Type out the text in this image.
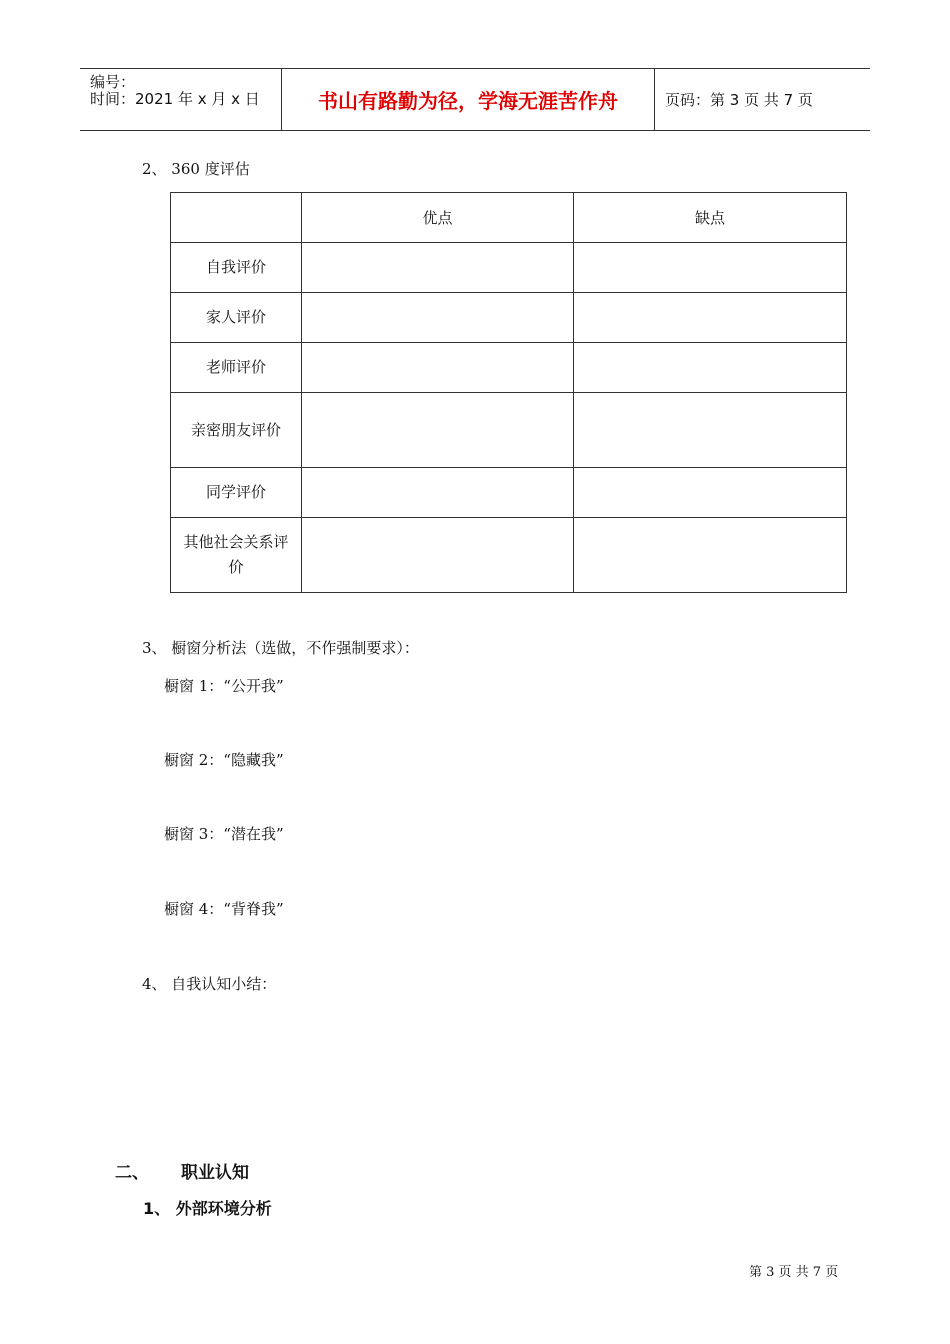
编号：
时间：2021 年 x 月 x 日	书山有路勤为径，学海无涯苦作舟	页码：第 3 页 共 7 页
2、 360 度评估
	优点	缺点
自我评价		
家人评价		
老师评价		
亲密朋友评价		
同学评价		
其他社会关系评价		
3、 橱窗分析法（选做，不作强制要求）：
橱窗 1：“公开我”
橱窗 2：“隐藏我”
橱窗 3：“潜在我”
橱窗 4：“背脊我”
4、 自我认知小结：
二、 职业认知
1、 外部环境分析
第 3 页 共 7 页
